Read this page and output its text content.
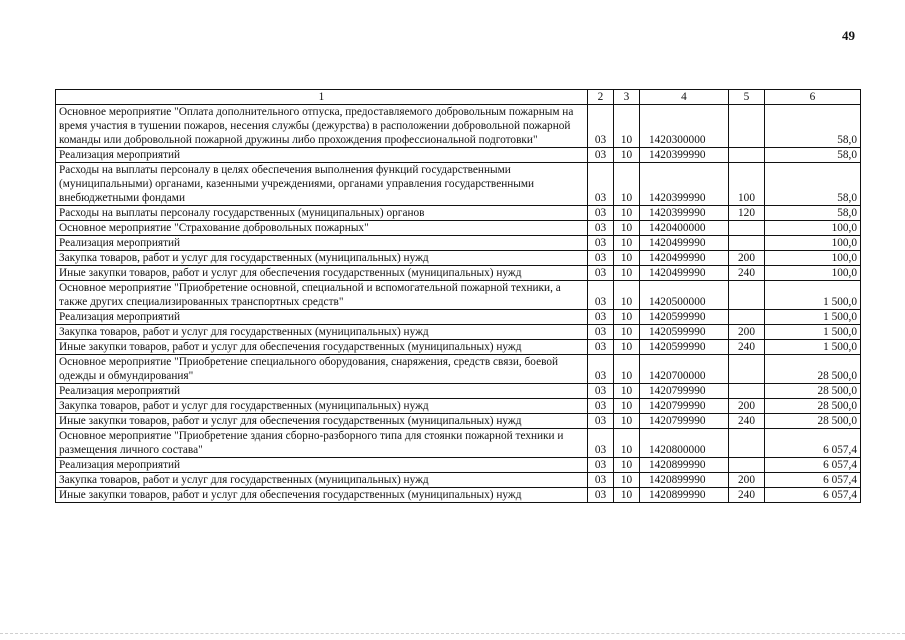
49
1	2	3	4	5	6
Основное мероприятие "Оплата дополнительного отпуска, предоставляемого добровольным пожарным на время участия в тушении пожаров, несения службы (дежурства) в расположении добровольной пожарной команды или добровольной пожарной дружины либо прохождения профессиональной подготовки"	03	10	1420300000		58,0
Реализация мероприятий	03	10	1420399990		58,0
Расходы на выплаты персоналу в целях обеспечения выполнения функций государственными (муниципальными) органами, казенными учреждениями, органами управления государственными внебюджетными фондами	03	10	1420399990	100	58,0
Расходы на выплаты персоналу государственных (муниципальных) органов	03	10	1420399990	120	58,0
Основное мероприятие "Страхование добровольных пожарных"	03	10	1420400000		100,0
Реализация мероприятий	03	10	1420499990		100,0
Закупка товаров, работ и услуг для государственных (муниципальных) нужд	03	10	1420499990	200	100,0
Иные закупки товаров, работ и услуг для обеспечения государственных (муниципальных) нужд	03	10	1420499990	240	100,0
Основное мероприятие "Приобретение основной, специальной и вспомогательной пожарной техники, а также других специализированных транспортных средств"	03	10	1420500000		1 500,0
Реализация мероприятий	03	10	1420599990		1 500,0
Закупка товаров, работ и услуг для государственных (муниципальных) нужд	03	10	1420599990	200	1 500,0
Иные закупки товаров, работ и услуг для обеспечения государственных (муниципальных) нужд	03	10	1420599990	240	1 500,0
Основное мероприятие "Приобретение специального оборудования, снаряжения, средств связи, боевой одежды и обмундирования"	03	10	1420700000		28 500,0
Реализация мероприятий	03	10	1420799990		28 500,0
Закупка товаров, работ и услуг для государственных (муниципальных) нужд	03	10	1420799990	200	28 500,0
Иные закупки товаров, работ и услуг для обеспечения государственных (муниципальных) нужд	03	10	1420799990	240	28 500,0
Основное мероприятие "Приобретение здания сборно-разборного типа для стоянки пожарной техники и размещения личного состава"	03	10	1420800000		6 057,4
Реализация мероприятий	03	10	1420899990		6 057,4
Закупка товаров, работ и услуг для государственных (муниципальных) нужд	03	10	1420899990	200	6 057,4
Иные закупки товаров, работ и услуг для обеспечения государственных (муниципальных) нужд	03	10	1420899990	240	6 057,4
